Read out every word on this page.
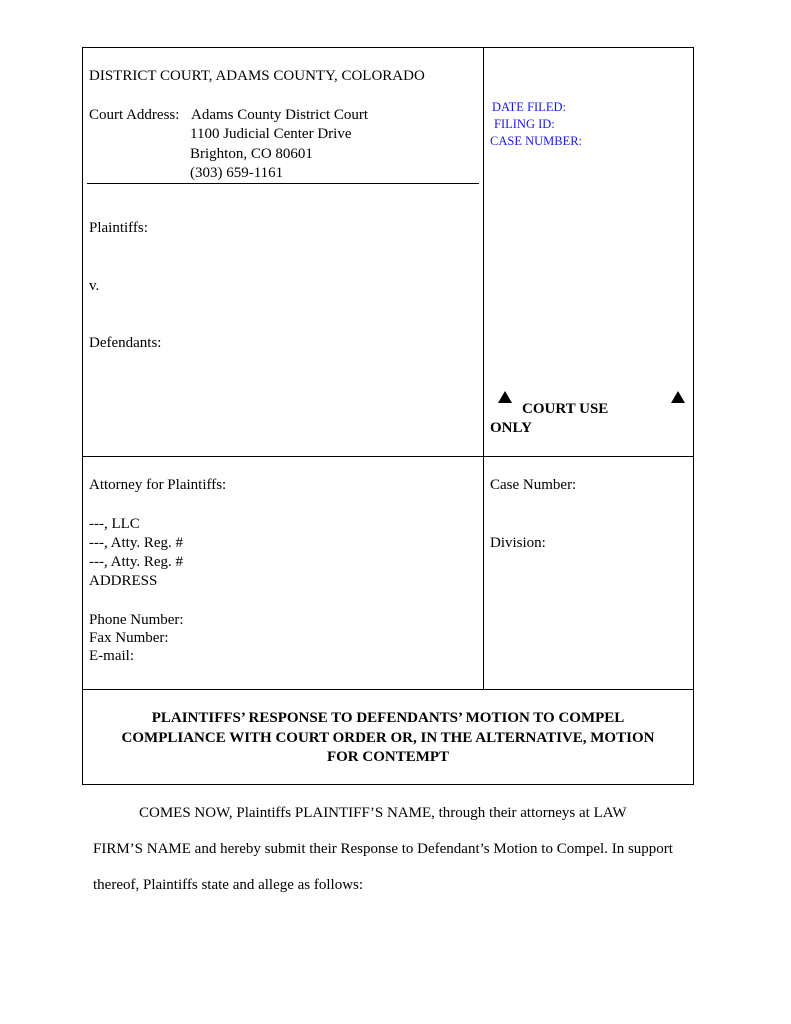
DISTRICT COURT, ADAMS COUNTY, COLORADO
Court Address: Adams County District Court
1100 Judicial Center Drive
Brighton, CO 80601
(303) 659-1161
Plaintiffs:
v.
Defendants:
DATE FILED:
FILING ID:
CASE NUMBER:
COURT USE
ONLY
Attorney for Plaintiffs:
---, LLC
---, Atty. Reg. #
---, Atty. Reg. #
ADDRESS
Phone Number:
Fax Number:
E-mail:
Case Number:
Division:
PLAINTIFFS’ RESPONSE TO DEFENDANTS’ MOTION TO COMPEL
COMPLIANCE WITH COURT ORDER OR, IN THE ALTERNATIVE, MOTION
FOR CONTEMPT
COMES NOW, Plaintiffs PLAINTIFF’S NAME, through their attorneys at LAW
FIRM’S NAME and hereby submit their Response to Defendant’s Motion to Compel. In support
thereof, Plaintiffs state and allege as follows:
